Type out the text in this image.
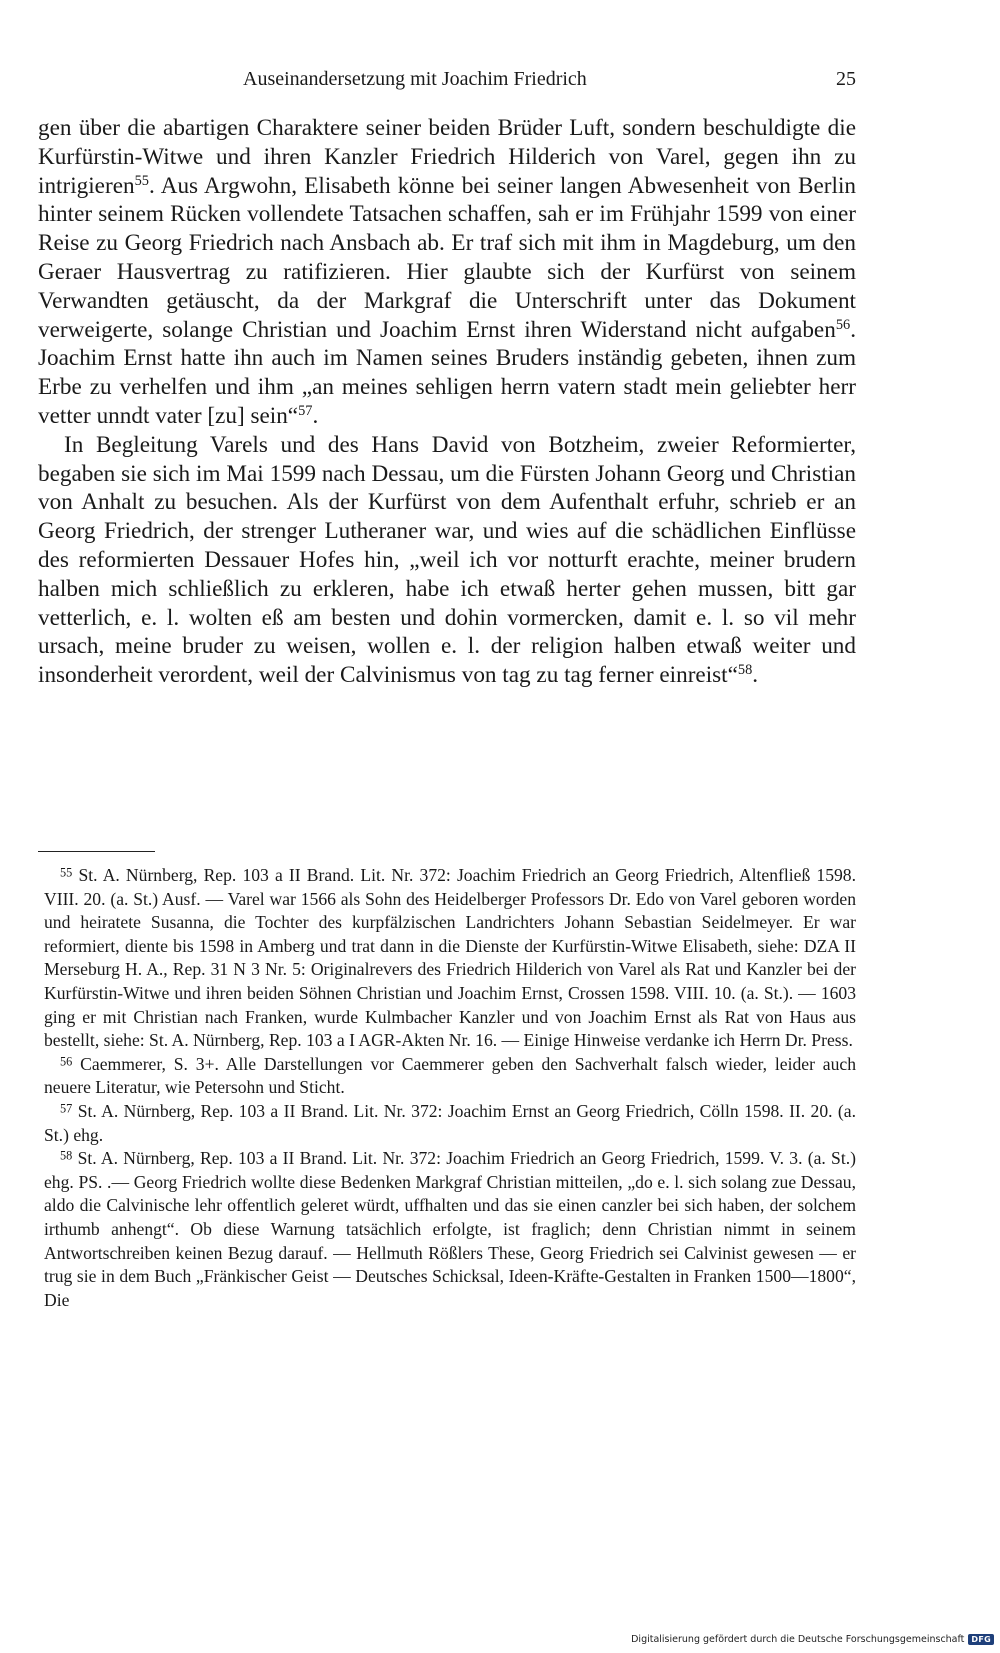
Auseinandersetzung mit Joachim Friedrich	25

gen über die abartigen Charaktere seiner beiden Brüder Luft, sondern beschuldigte die Kurfürstin-Witwe und ihren Kanzler Friedrich Hilderich von Varel, gegen ihn zu intrigieren$^{55}$. Aus Argwohn, Elisabeth könne bei seiner langen Abwesenheit von Berlin hinter seinem Rücken vollendete Tatsachen schaffen, sah er im Frühjahr 1599 von einer Reise zu Georg Friedrich nach Ansbach ab. Er traf sich mit ihm in Magdeburg, um den Geraer Hausvertrag zu ratifizieren. Hier glaubte sich der Kurfürst von seinem Verwandten getäuscht, da der Markgraf die Unterschrift unter das Dokument verweigerte, solange Christian und Joachim Ernst ihren Widerstand nicht aufgaben$^{56}$. Joachim Ernst hatte ihn auch im Namen seines Bruders inständig gebeten, ihnen zum Erbe zu verhelfen und ihm „an meines sehligen herrn vatern stadt mein geliebter herr vetter unndt vater [zu] sein“$^{57}$.

In Begleitung Varels und des Hans David von Botzheim, zweier Reformierter, begaben sie sich im Mai 1599 nach Dessau, um die Fürsten Johann Georg und Christian von Anhalt zu besuchen. Als der Kurfürst von dem Aufenthalt erfuhr, schrieb er an Georg Friedrich, der strenger Lutheraner war, und wies auf die schädlichen Einflüsse des reformierten Dessauer Hofes hin, „weil ich vor notturft erachte, meiner brudern halben mich schließlich zu erkleren, habe ich etwaß herter gehen mussen, bitt gar vetterlich, e. l. wolten eß am besten und dohin vormercken, damit e. l. so vil mehr ursach, meine bruder zu weisen, wollen e. l. der religion halben etwaß weiter und insonderheit verordent, weil der Calvinismus von tag zu tag ferner einreist“$^{58}$.

$^{55}$ St. A. Nürnberg, Rep. 103 a II Brand. Lit. Nr. 372: Joachim Friedrich an Georg Friedrich, Altenfließ 1598. VIII. 20. (a. St.) Ausf. — Varel war 1566 als Sohn des Heidelberger Professors Dr. Edo von Varel geboren worden und heiratete Susanna, die Tochter des kurpfälzischen Landrichters Johann Sebastian Seidelmeyer. Er war reformiert, diente bis 1598 in Amberg und trat dann in die Dienste der Kurfürstin-Witwe Elisabeth, siehe: DZA II Merseburg H. A., Rep. 31 N 3 Nr. 5: Originalrevers des Friedrich Hilderich von Varel als Rat und Kanzler bei der Kurfürstin-Witwe und ihren beiden Söhnen Christian und Joachim Ernst, Crossen 1598. VIII. 10. (a. St.). — 1603 ging er mit Christian nach Franken, wurde Kulmbacher Kanzler und von Joachim Ernst als Rat von Haus aus bestellt, siehe: St. A. Nürnberg, Rep. 103 a I AGR-Akten Nr. 16. — Einige Hinweise verdanke ich Herrn Dr. Press.

$^{56}$ Caemmerer, S. 3+. Alle Darstellungen vor Caemmerer geben den Sachverhalt falsch wieder, leider auch neuere Literatur, wie Petersohn und Sticht.

$^{57}$ St. A. Nürnberg, Rep. 103 a II Brand. Lit. Nr. 372: Joachim Ernst an Georg Friedrich, Cölln 1598. II. 20. (a. St.) ehg.

$^{58}$ St. A. Nürnberg, Rep. 103 a II Brand. Lit. Nr. 372: Joachim Friedrich an Georg Friedrich, 1599. V. 3. (a. St.) ehg. PS. .— Georg Friedrich wollte diese Bedenken Markgraf Christian mitteilen, „do e. l. sich solang zue Dessau, aldo die Calvinische lehr offentlich geleret würdt, uffhalten und das sie einen canzler bei sich haben, der solchem irthumb anhengt“. Ob diese Warnung tatsächlich erfolgte, ist fraglich; denn Christian nimmt in seinem Antwortschreiben keinen Bezug darauf. — Hellmuth Rößlers These, Georg Friedrich sei Calvinist gewesen — er trug sie in dem Buch „Fränkischer Geist — Deutsches Schicksal, Ideen-Kräfte-Gestalten in Franken 1500—1800“, Die

Digitalisierung gefördert durch die Deutsche Forschungsgemeinschaft DFG
